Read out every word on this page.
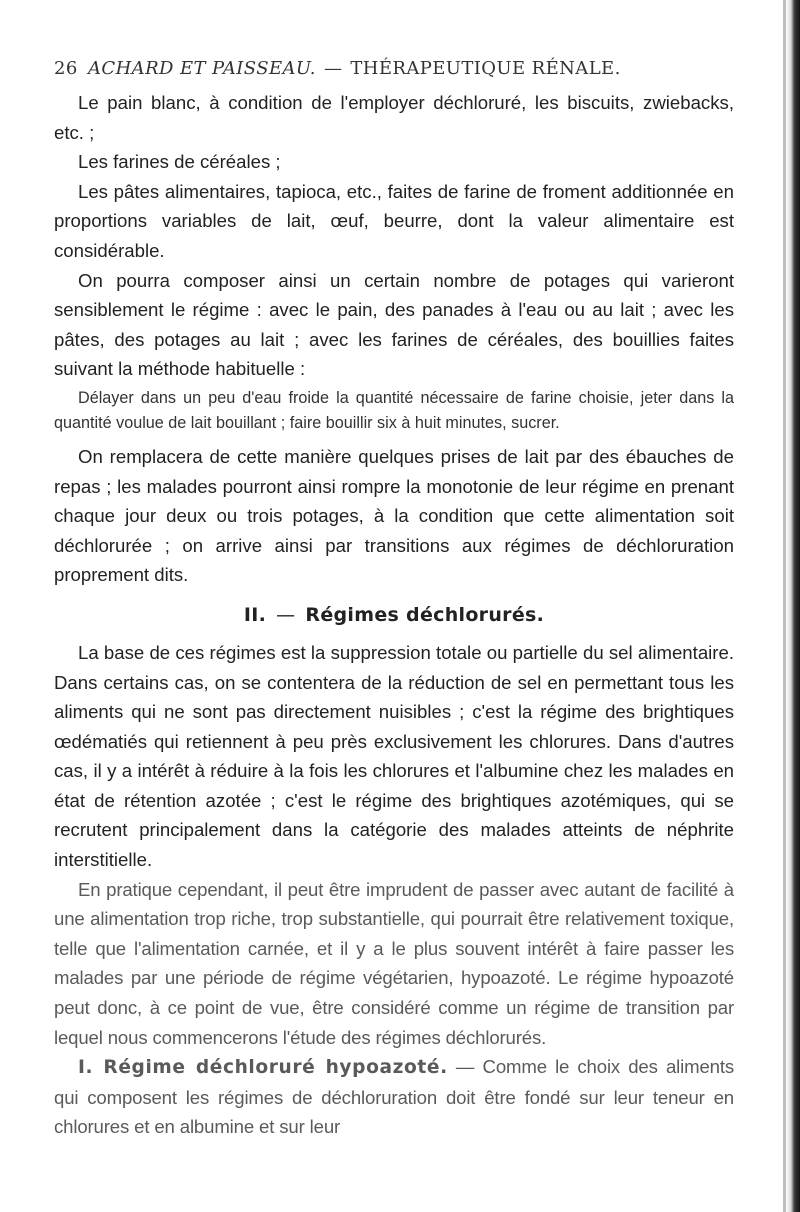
26 ACHARD ET PAISSEAU. — THÉRAPEUTIQUE RÉNALE.

Le pain blanc, à condition de l'employer déchloruré, les biscuits, zwiebacks, etc. ;

Les farines de céréales ;

Les pâtes alimentaires, tapioca, etc., faites de farine de froment additionnée en proportions variables de lait, œuf, beurre, dont la valeur alimentaire est considérable.

On pourra composer ainsi un certain nombre de potages qui varieront sensiblement le régime : avec le pain, des panades à l'eau ou au lait ; avec les pâtes, des potages au lait ; avec les farines de céréales, des bouillies faites suivant la méthode habituelle :

Délayer dans un peu d'eau froide la quantité nécessaire de farine choisie, jeter dans la quantité voulue de lait bouillant ; faire bouillir six à huit minutes, sucrer.

On remplacera de cette manière quelques prises de lait par des ébauches de repas ; les malades pourront ainsi rompre la monotonie de leur régime en prenant chaque jour deux ou trois potages, à la condition que cette alimentation soit déchlorurée ; on arrive ainsi par transitions aux régimes de déchloruration proprement dits.

II. — Régimes déchlorurés.

La base de ces régimes est la suppression totale ou partielle du sel alimentaire. Dans certains cas, on se contentera de la réduction de sel en permettant tous les aliments qui ne sont pas directement nuisibles ; c'est la régime des brightiques œdématiés qui retiennent à peu près exclusivement les chlorures. Dans d'autres cas, il y a intérêt à réduire à la fois les chlorures et l'albumine chez les malades en état de rétention azotée ; c'est le régime des brightiques azotémiques, qui se recrutent principalement dans la catégorie des malades atteints de néphrite interstitielle.

En pratique cependant, il peut être imprudent de passer avec autant de facilité à une alimentation trop riche, trop substantielle, qui pourrait être relativement toxique, telle que l'alimentation carnée, et il y a le plus souvent intérêt à faire passer les malades par une période de régime végétarien, hypoazoté. Le régime hypoazoté peut donc, à ce point de vue, être considéré comme un régime de transition par lequel nous commencerons l'étude des régimes déchlorurés.

I. Régime déchloruré hypoazoté. — Comme le choix des aliments qui composent les régimes de déchloruration doit être fondé sur leur teneur en chlorures et en albumine et sur leur
